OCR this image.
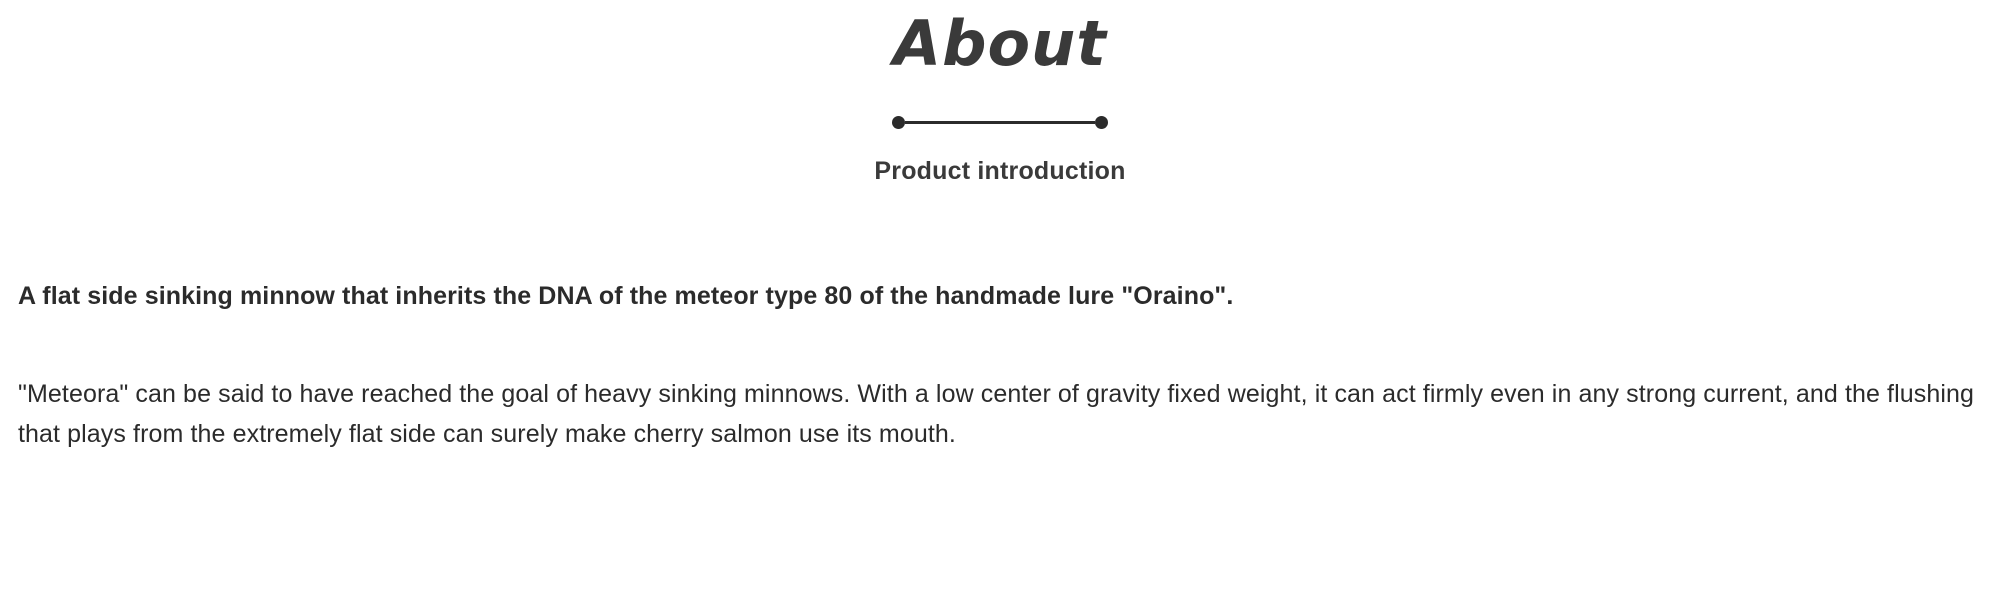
About

Product introduction

A flat side sinking minnow that inherits the DNA of the meteor type 80 of the handmade lure "Oraino".

"Meteora" can be said to have reached the goal of heavy sinking minnows. With a low center of gravity fixed weight, it can act firmly even in any strong current, and the flushing that plays from the extremely flat side can surely make cherry salmon use its mouth.
